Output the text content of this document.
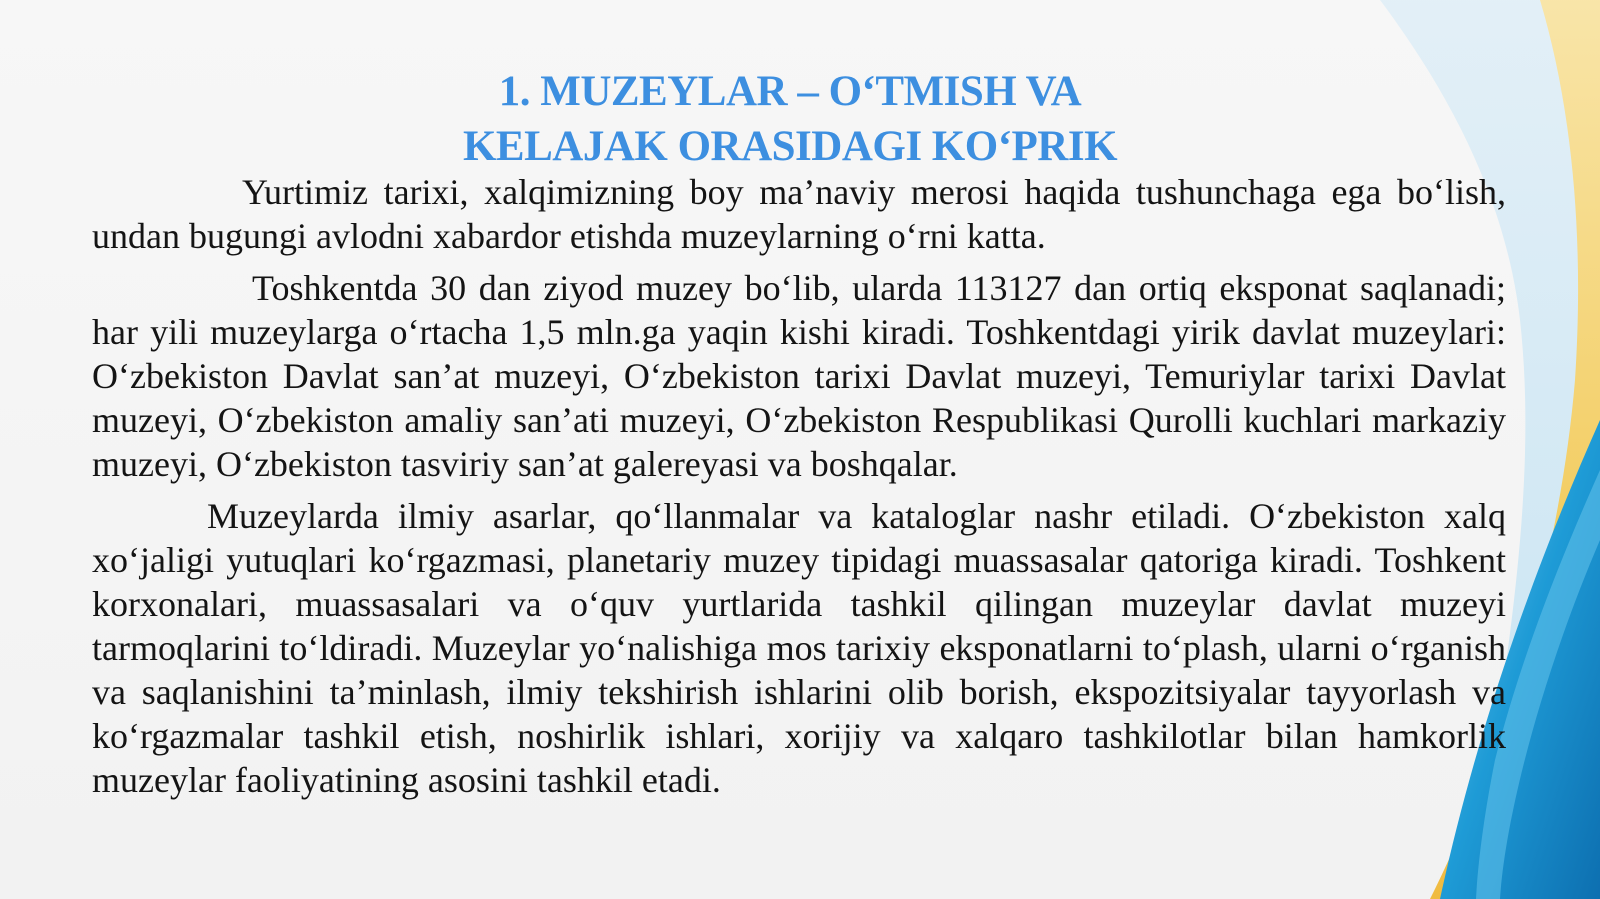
1. MUZEYLAR – O‘TMISH VA
KELAJAK ORASIDAGI KO‘PRIK

Yurtimiz tarixi, xalqimizning boy ma’naviy merosi haqida tushunchaga ega bo‘lish, undan bugungi avlodni xabardor etishda muzeylarning o‘rni katta.

Toshkentda 30 dan ziyod muzey bo‘lib, ularda 113127 dan ortiq eksponat saqlanadi; har yili muzeylarga o‘rtacha 1,5 mln.ga yaqin kishi kiradi. Toshkentdagi yirik davlat muzeylari: O‘zbekiston Davlat san’at muzeyi, O‘zbekiston tarixi Davlat muzeyi, Temuriylar tarixi Davlat muzeyi, O‘zbekiston amaliy san’ati muzeyi, O‘zbekiston Respublikasi Qurolli kuchlari markaziy muzeyi, O‘zbekiston tasviriy san’at galereyasi va boshqalar.

Muzeylarda ilmiy asarlar, qo‘llanmalar va kataloglar nashr etiladi. O‘zbekiston xalq xo‘jaligi yutuqlari ko‘rgazmasi, planetariy muzey tipidagi muassasalar qatoriga kiradi. Toshkent korxonalari, muassasalari va o‘quv yurtlarida tashkil qilingan muzeylar davlat muzeyi tarmoqlarini to‘ldiradi. Muzeylar yo‘nalishiga mos tarixiy eksponatlarni to‘plash, ularni o‘rganish va saqlanishini ta’minlash, ilmiy tekshirish ishlarini olib borish, ekspozitsiyalar tayyorlash va ko‘rgazmalar tashkil etish, noshirlik ishlari, xorijiy va xalqaro tashkilotlar bilan hamkorlik muzeylar faoliyatining asosini tashkil etadi.
